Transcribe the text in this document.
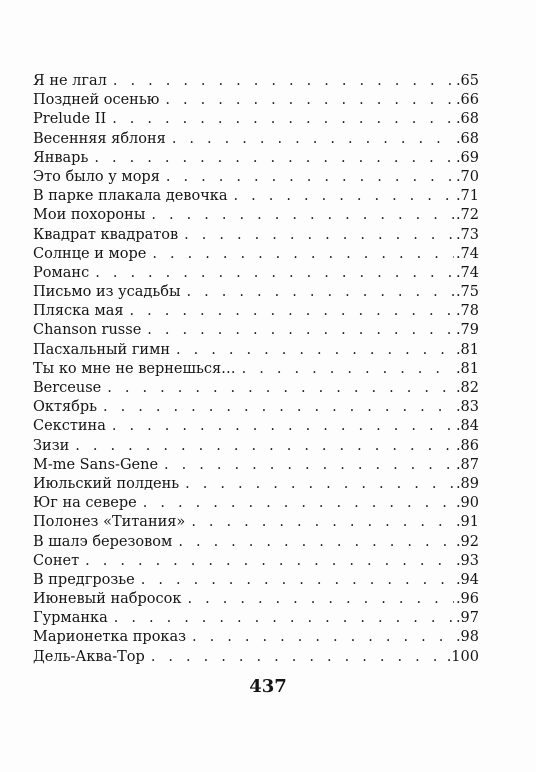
Я не лгал . . .	.65
Поздней осенью . . .	.66
Prelude II . . .	.68
Весенняя яблоня . . .	.68
Январь . . .	.69
Это было у моря . . .	.70
В парке плакала девочка . . .	.71
Мои похороны . . .	.72
Квадрат квадратов . . .	.73
Солнце и море . . .	.74
Романс . . .	.74
Письмо из усадьбы . . .	.75
Пляска мая . . .	.78
Chanson russe . . .	.79
Пасхальный гимн . . .	.81
Ты ко мне не вернешься… . . .	.81
Berceuse . . .	.82
Октябрь . . .	.83
Секстина . . .	.84
Зизи . . .	.86
M-me Sans-Gene . . .	.87
Июльский полдень . . .	.89
Юг на севере . . .	.90
Полонез «Титания» . . .	.91
В шалэ березовом . . .	.92
Сонет . . .	.93
В предгрозье . . .	.94
Июневый набросок . . .	.96
Гурманка . . .	.97
Марионетка проказ . . .	.98
Дель-Аква-Тор . . .	.100
437
